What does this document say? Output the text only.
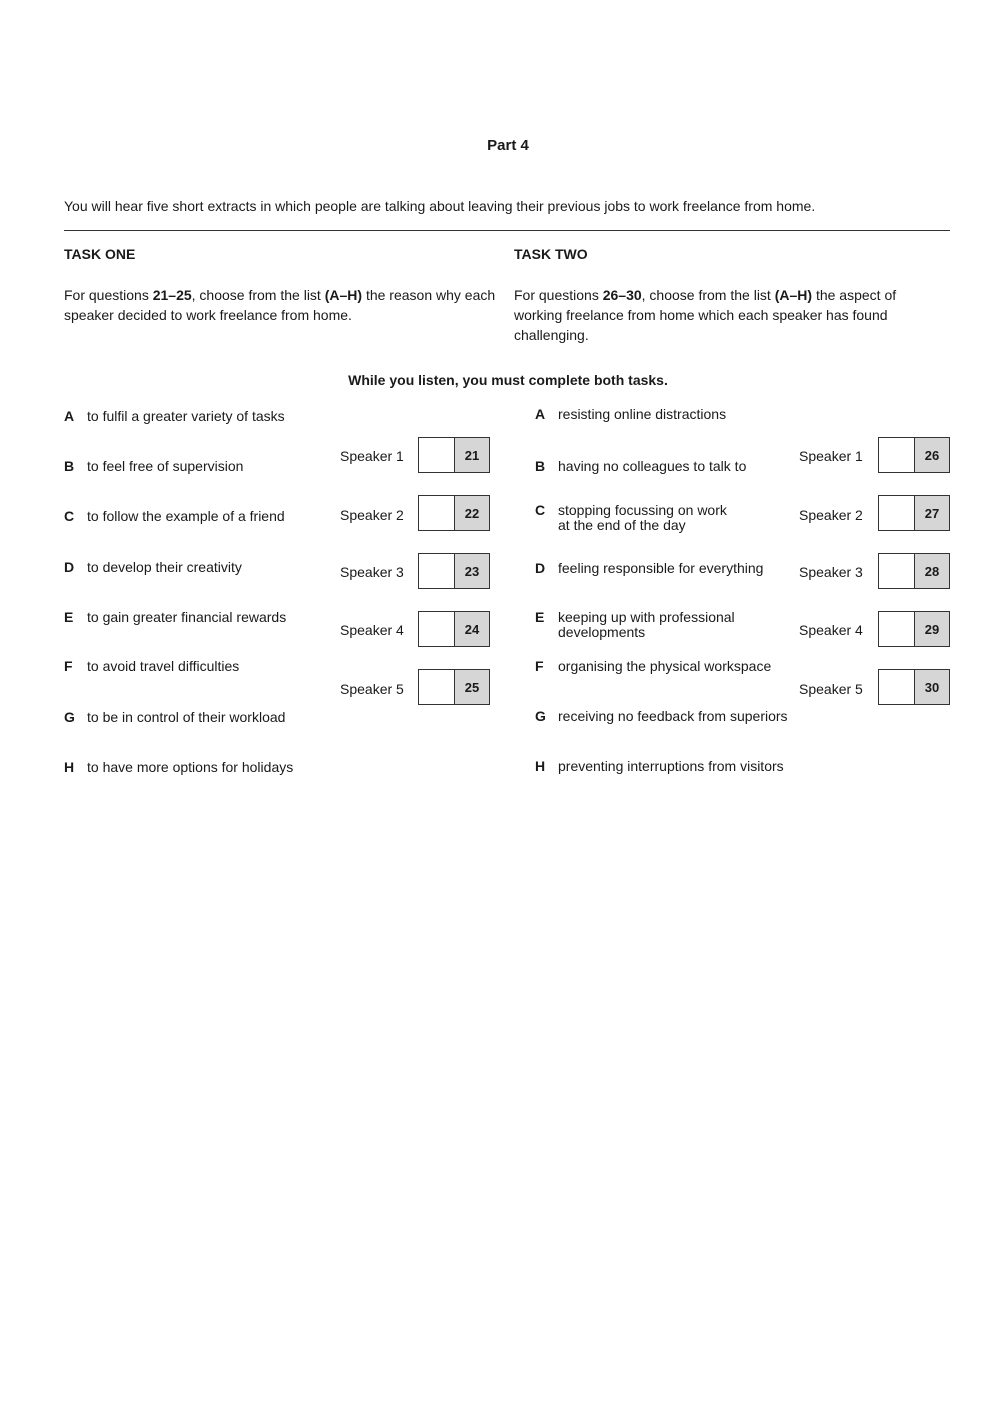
Part 4
You will hear five short extracts in which people are talking about leaving their previous jobs to work freelance from home.
TASK ONE
For questions 21–25, choose from the list (A–H) the reason why each speaker decided to work freelance from home.
TASK TWO
For questions 26–30, choose from the list (A–H) the aspect of working freelance from home which each speaker has found challenging.
While you listen, you must complete both tasks.
A to fulfil a greater variety of tasks
B to feel free of supervision
C to follow the example of a friend
D to develop their creativity
E to gain greater financial rewards
F to avoid travel difficulties
G to be in control of their workload
H to have more options for holidays
Speaker 1	21
Speaker 2	22
Speaker 3	23
Speaker 4	24
Speaker 5	25
A resisting online distractions
B having no colleagues to talk to
C stopping focussing on work
at the end of the day
D feeling responsible for everything
E keeping up with professional
developments
F organising the physical workspace
G receiving no feedback from superiors
H preventing interruptions from visitors
Speaker 1	26
Speaker 2	27
Speaker 3	28
Speaker 4	29
Speaker 5	30
